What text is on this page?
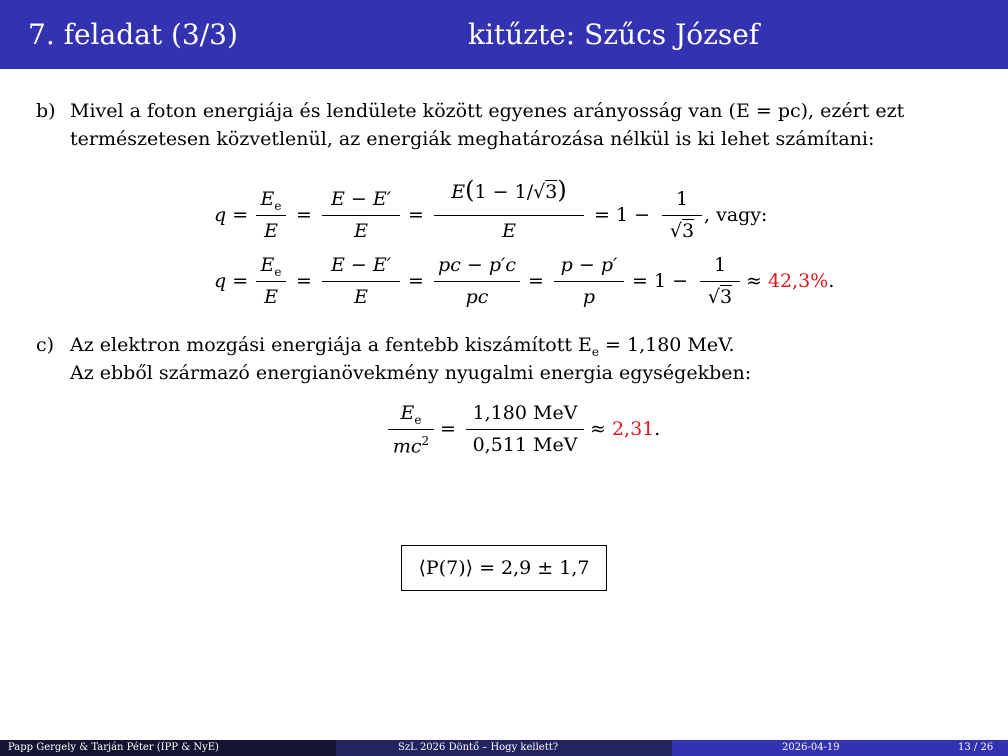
7. feladat (3/3)	kitűzte: Szűcs József
b) Mivel a foton energiája és lendülete között egyenes arányosság van (E = pc), ezért ezt
természetesen közvetlenül, az energiák meghatározása nélkül is ki lehet számítani:
q =
$E_e$
E
=
E − E′
E
=
E(1 − 1/√3)
E
= 1 −
1
√3
, vagy:
q =
$E_e$
E
=
E − E′
E
=
pc − p′c
pc
=
p − p′
p
= 1 −
1
√3
≈ 42,3%.
c) Az elektron mozgási energiája a fentebb kiszámított $E_e = 1,180$ MeV.
Az ebből származó energianövekmény nyugalmi energia egységekben:
$E_e$
$mc^2$
=
1,180 MeV
0,511 MeV
≈ 2,31.
⟨P(7)⟩ = 2,9 ± 1,7
Papp Gergely & Tarján Péter (IPP & NyE)	SzL 2026 Döntő – Hogy kellett?	2026-04-19	13 / 26
